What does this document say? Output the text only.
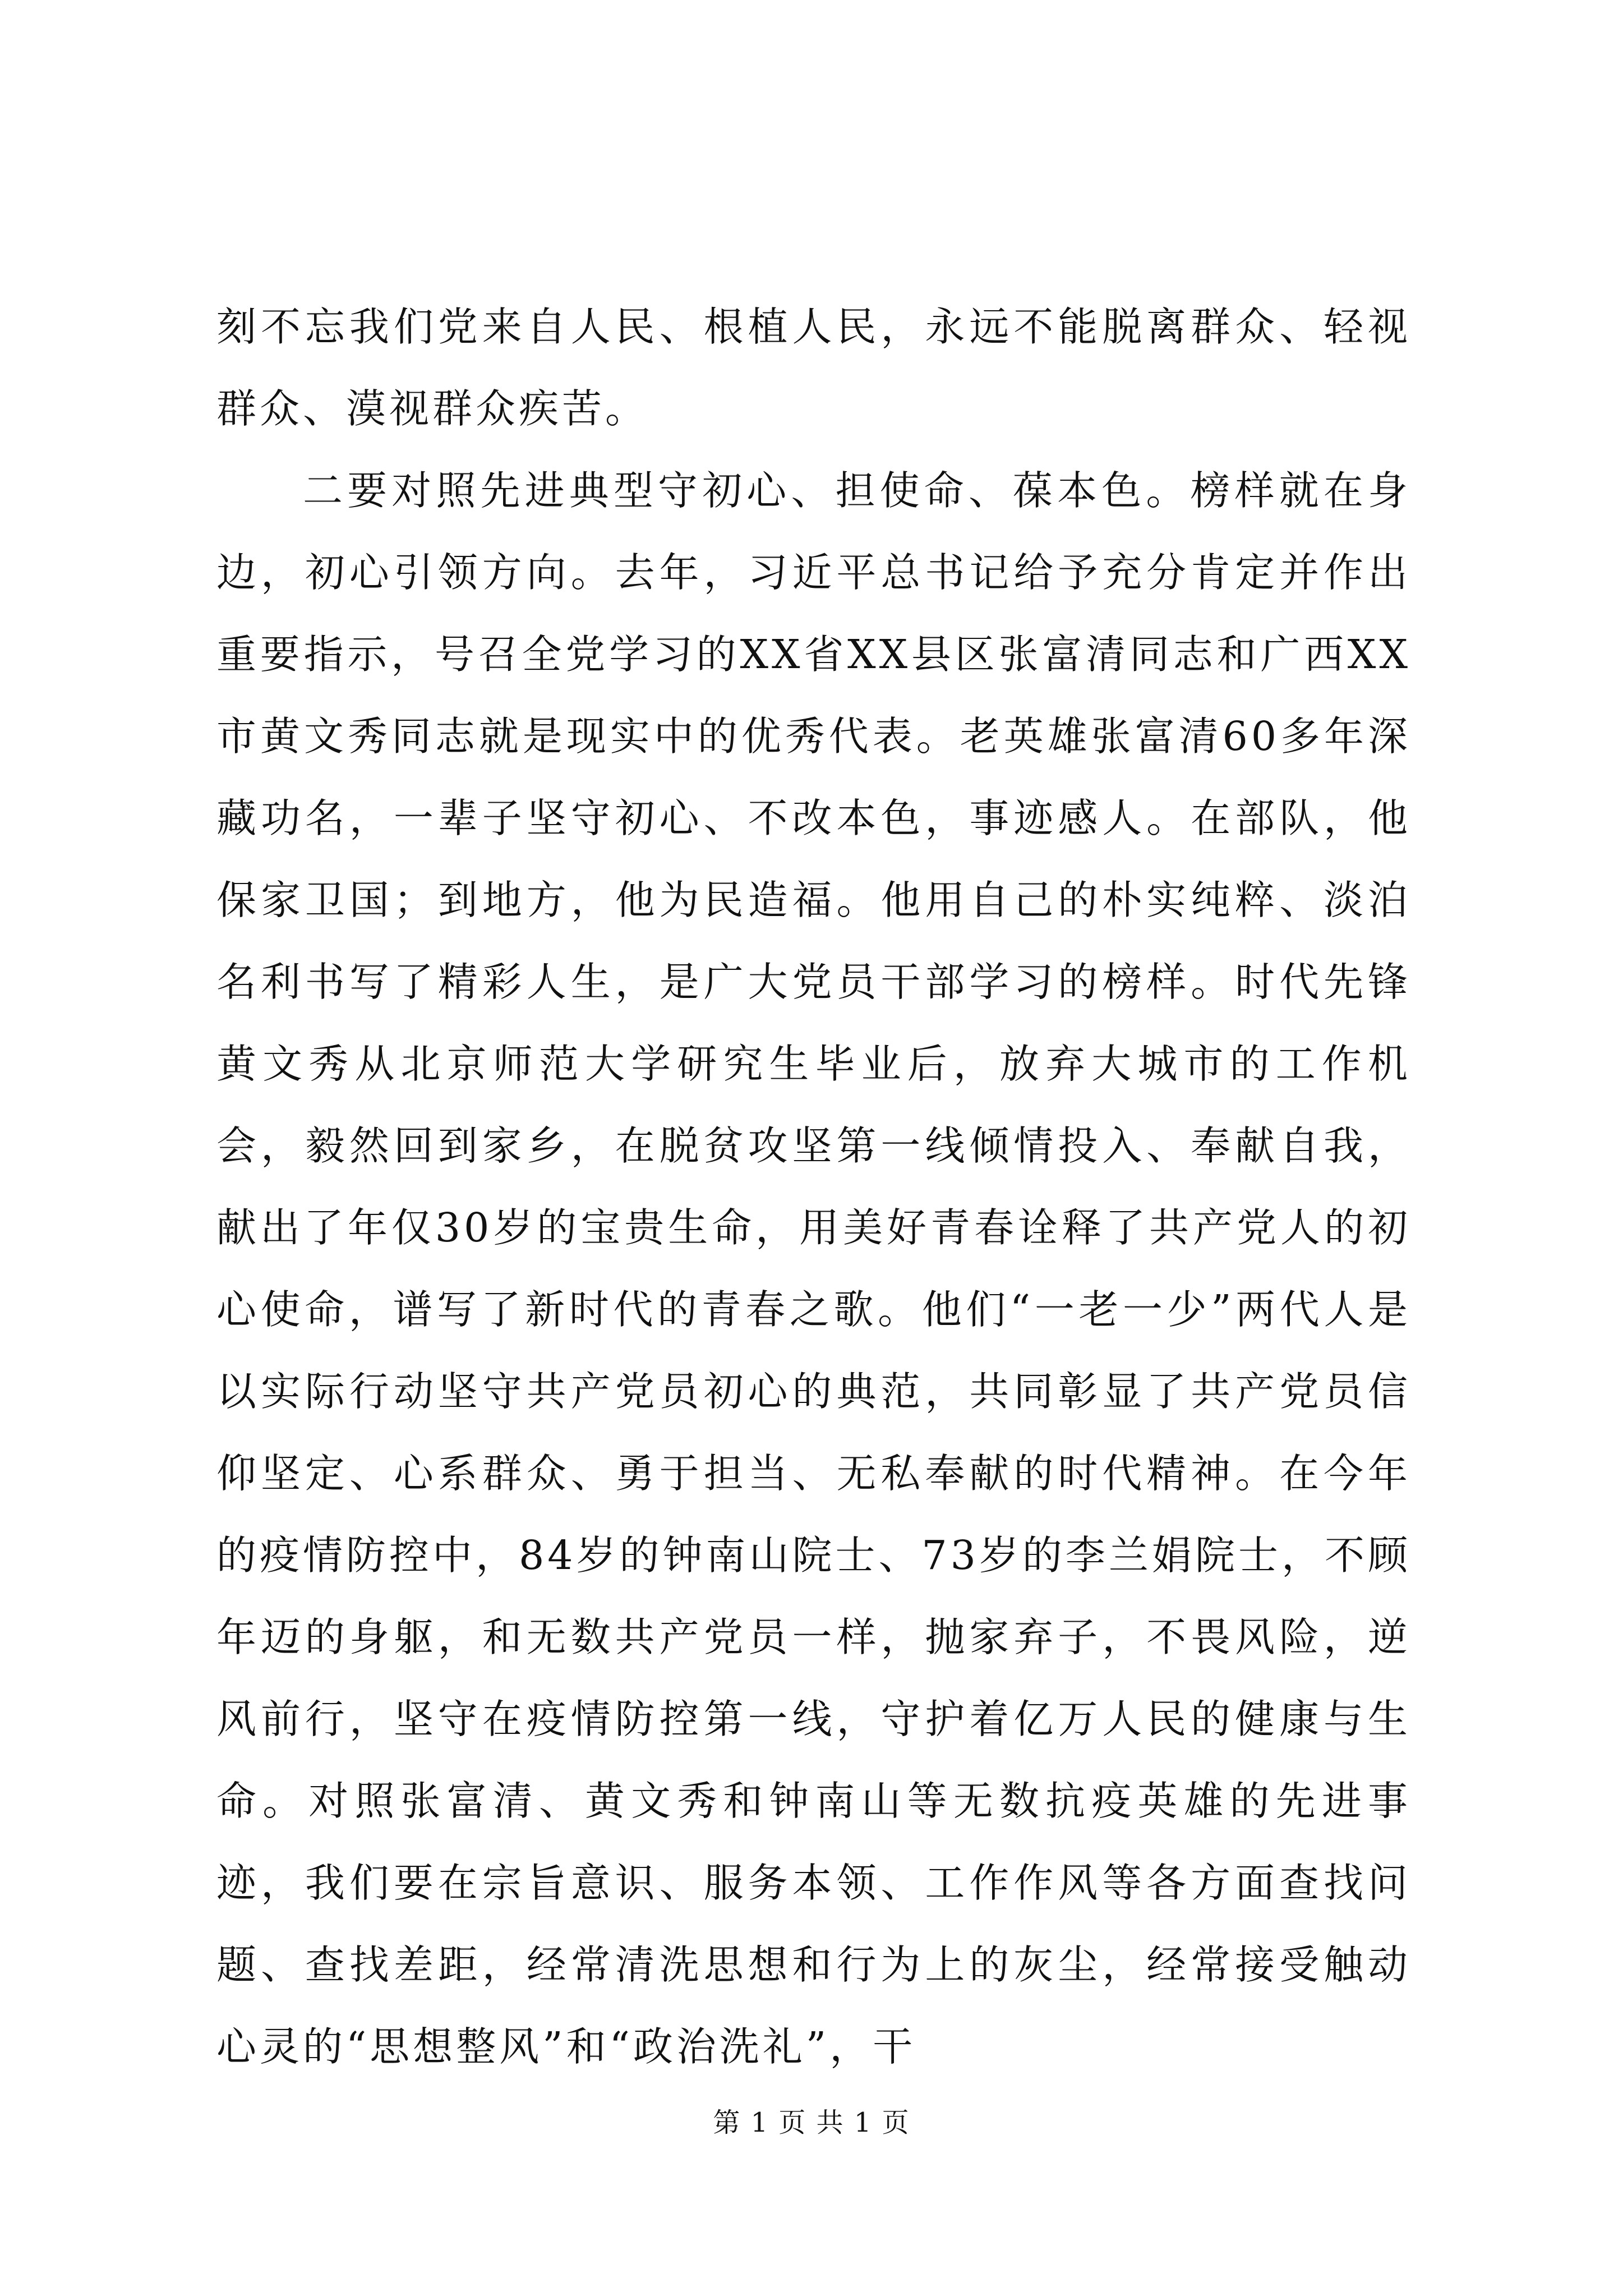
刻不忘我们党来自人民、根植人民，永远不能脱离群众、轻视群众、漠视群众疾苦。

二要对照先进典型守初心、担使命、葆本色。榜样就在身边，初心引领方向。去年，习近平总书记给予充分肯定并作出重要指示，号召全党学习的XX省XX县区张富清同志和广西XX市黄文秀同志就是现实中的优秀代表。老英雄张富清60多年深藏功名，一辈子坚守初心、不改本色，事迹感人。在部队，他保家卫国；到地方，他为民造福。他用自己的朴实纯粹、淡泊名利书写了精彩人生，是广大党员干部学习的榜样。时代先锋黄文秀从北京师范大学研究生毕业后，放弃大城市的工作机会，毅然回到家乡，在脱贫攻坚第一线倾情投入、奉献自我，献出了年仅30岁的宝贵生命，用美好青春诠释了共产党人的初心使命，谱写了新时代的青春之歌。他们“一老一少”两代人是以实际行动坚守共产党员初心的典范，共同彰显了共产党员信仰坚定、心系群众、勇于担当、无私奉献的时代精神。在今年的疫情防控中，84岁的钟南山院士、73岁的李兰娟院士，不顾年迈的身躯，和无数共产党员一样，抛家弃子，不畏风险，逆风前行，坚守在疫情防控第一线，守护着亿万人民的健康与生命。对照张富清、黄文秀和钟南山等无数抗疫英雄的先进事迹，我们要在宗旨意识、服务本领、工作作风等各方面查找问题、查找差距，经常清洗思想和行为上的灰尘，经常接受触动心灵的“思想整风”和“政治洗礼”，干

第 1 页 共 1 页
